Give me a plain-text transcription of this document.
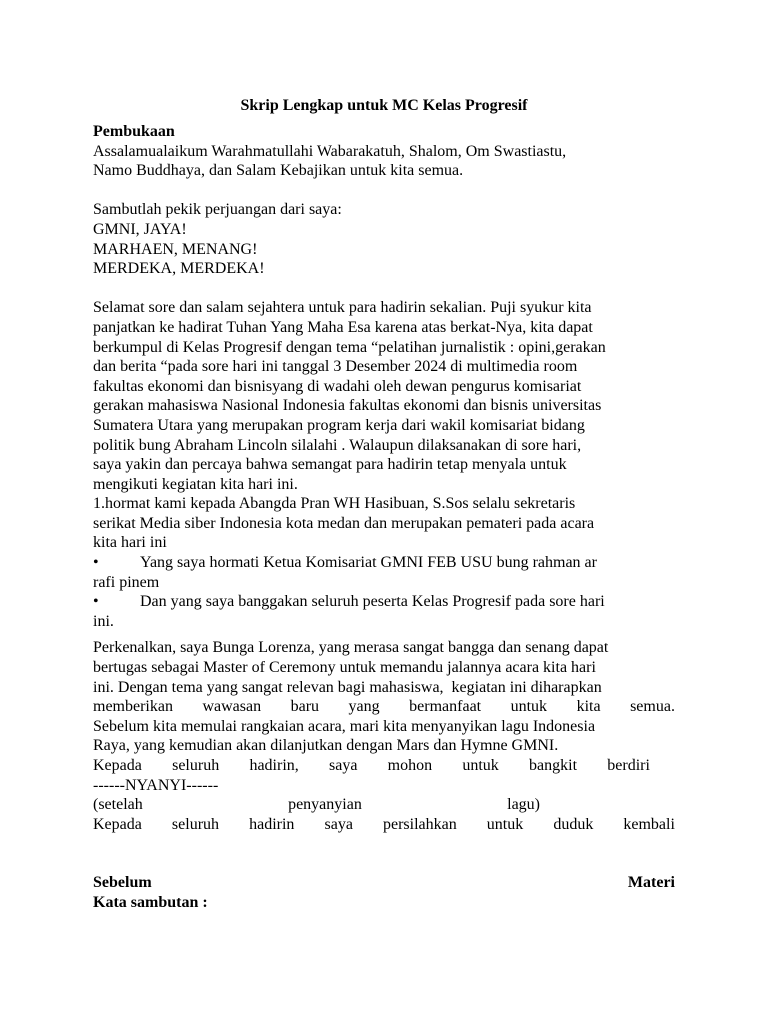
Skrip Lengkap untuk MC Kelas Progresif
Pembukaan
Assalamualaikum Warahmatullahi Wabarakatuh, Shalom, Om Swastiastu,
Namo Buddhaya, dan Salam Kebajikan untuk kita semua.
Sambutlah pekik perjuangan dari saya:
GMNI, JAYA!
MARHAEN, MENANG!
MERDEKA, MERDEKA!
Selamat sore dan salam sejahtera untuk para hadirin sekalian. Puji syukur kita
panjatkan ke hadirat Tuhan Yang Maha Esa karena atas berkat-Nya, kita dapat
berkumpul di Kelas Progresif dengan tema “pelatihan jurnalistik : opini,gerakan
dan berita “pada sore hari ini tanggal 3 Desember 2024 di multimedia room
fakultas ekonomi dan bisnisyang di wadahi oleh dewan pengurus komisariat
gerakan mahasiswa Nasional Indonesia fakultas ekonomi dan bisnis universitas
Sumatera Utara yang merupakan program kerja dari wakil komisariat bidang
politik bung Abraham Lincoln silalahi . Walaupun dilaksanakan di sore hari,
saya yakin dan percaya bahwa semangat para hadirin tetap menyala untuk
mengikuti kegiatan kita hari ini.
1.hormat kami kepada Abangda Pran WH Hasibuan, S.Sos selalu sekretaris
serikat Media siber Indonesia kota medan dan merupakan pemateri pada acara
kita hari ini
•	Yang saya hormati Ketua Komisariat GMNI FEB USU bung rahman ar
rafi pinem
•	Dan yang saya banggakan seluruh peserta Kelas Progresif pada sore hari
ini.
Perkenalkan, saya Bunga Lorenza, yang merasa sangat bangga dan senang dapat
bertugas sebagai Master of Ceremony untuk memandu jalannya acara kita hari
ini. Dengan tema yang sangat relevan bagi mahasiswa,  kegiatan ini diharapkan
memberikan wawasan baru yang bermanfaat untuk kita semua.
Sebelum kita memulai rangkaian acara, mari kita menyanyikan lagu Indonesia
Raya, yang kemudian akan dilanjutkan dengan Mars dan Hymne GMNI.
Kepada seluruh hadirin, saya mohon untuk bangkit berdiri
------NYANYI------
(setelah	penyanyian	lagu)
Kepada seluruh hadirin saya persilahkan untuk duduk kembali
Sebelum	Materi
Kata sambutan :
